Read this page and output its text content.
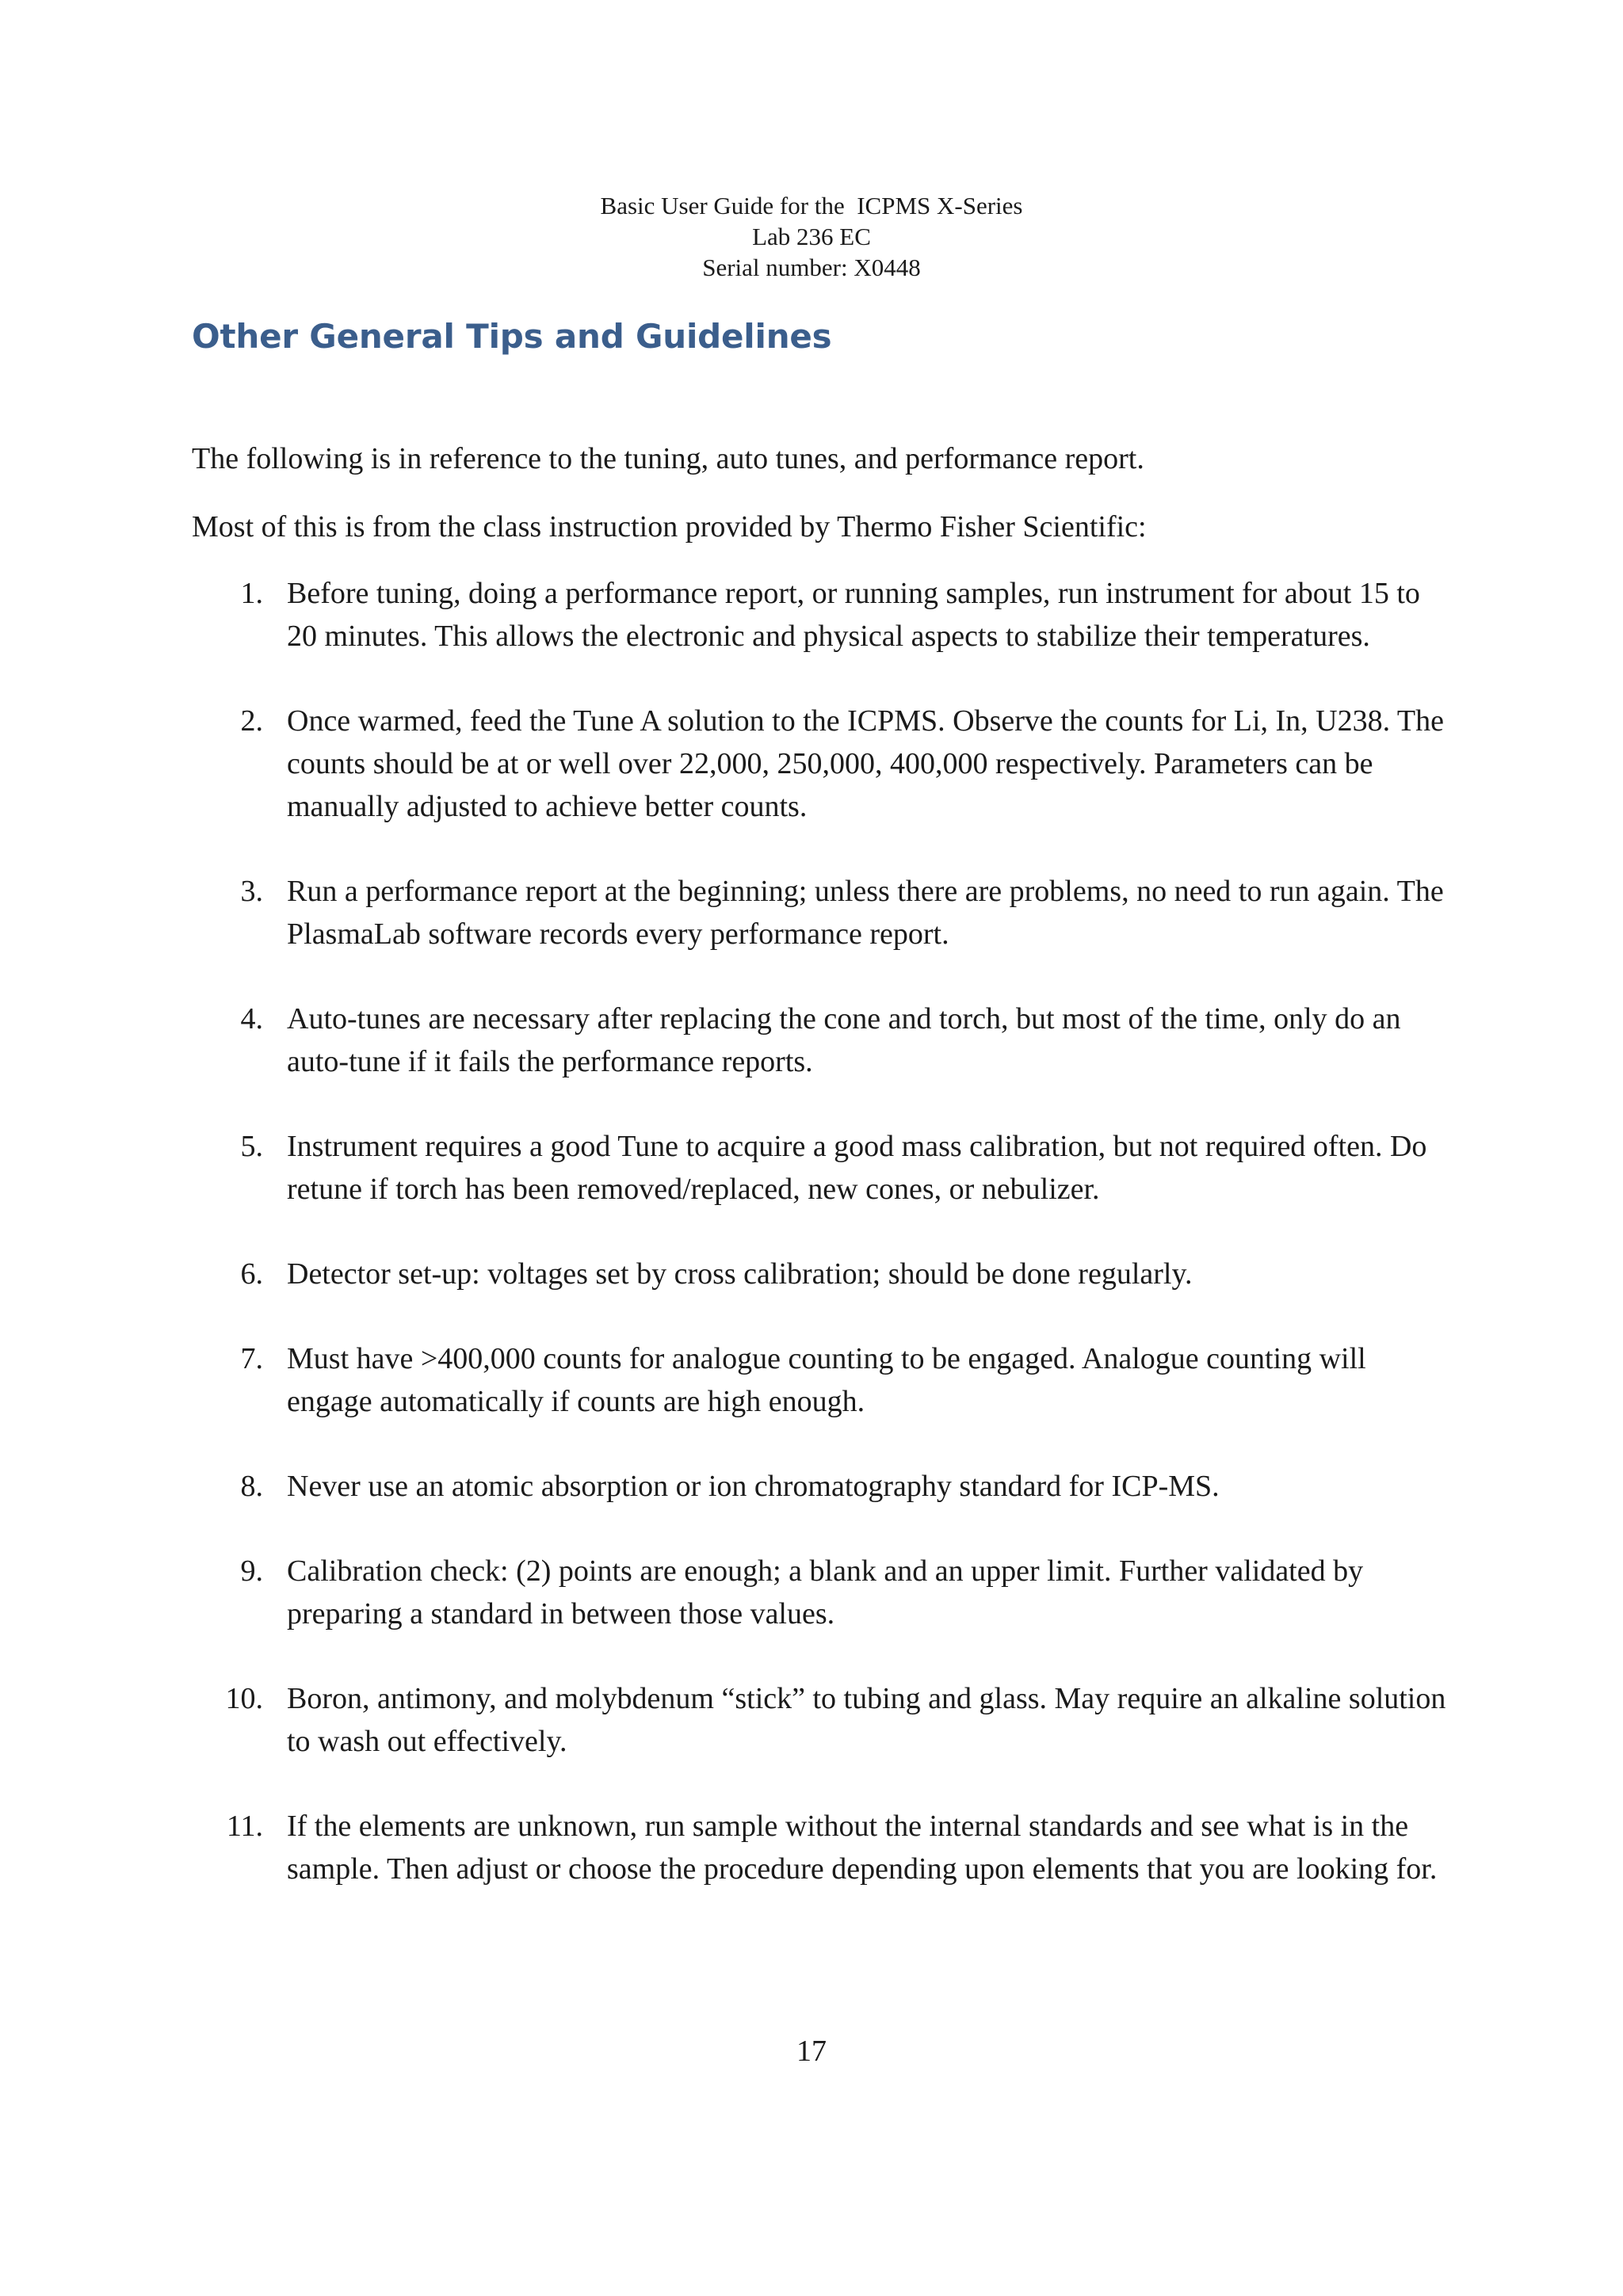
Basic User Guide for the  ICPMS X-Series
Lab 236 EC
Serial number: X0448
Other General Tips and Guidelines

The following is in reference to the tuning, auto tunes, and performance report.

Most of this is from the class instruction provided by Thermo Fisher Scientific:

1. Before tuning, doing a performance report, or running samples, run instrument for about 15 to 20 minutes. This allows the electronic and physical aspects to stabilize their temperatures.
2. Once warmed, feed the Tune A solution to the ICPMS. Observe the counts for Li, In, U238. The counts should be at or well over 22,000, 250,000, 400,000 respectively. Parameters can be manually adjusted to achieve better counts.
3. Run a performance report at the beginning; unless there are problems, no need to run again. The PlasmaLab software records every performance report.
4. Auto-tunes are necessary after replacing the cone and torch, but most of the time, only do an auto-tune if it fails the performance reports.
5. Instrument requires a good Tune to acquire a good mass calibration, but not required often. Do retune if torch has been removed/replaced, new cones, or nebulizer.
6. Detector set-up: voltages set by cross calibration; should be done regularly.
7. Must have >400,000 counts for analogue counting to be engaged. Analogue counting will engage automatically if counts are high enough.
8. Never use an atomic absorption or ion chromatography standard for ICP-MS.
9. Calibration check: (2) points are enough; a blank and an upper limit. Further validated by preparing a standard in between those values.
10. Boron, antimony, and molybdenum “stick” to tubing and glass. May require an alkaline solution to wash out effectively.
11. If the elements are unknown, run sample without the internal standards and see what is in the sample. Then adjust or choose the procedure depending upon elements that you are looking for.
17
